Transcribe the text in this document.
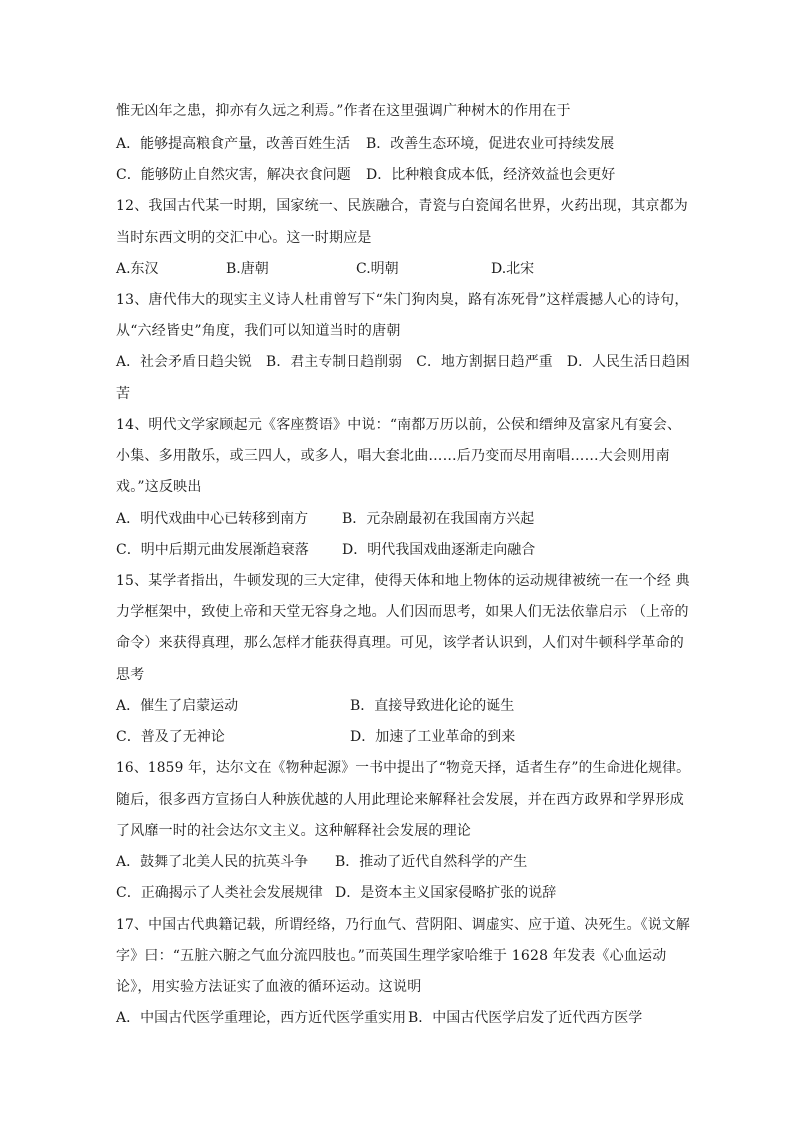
惟无凶年之患，抑亦有久远之利焉。”作者在这里强调广种树木的作用在于
A．能够提高粮食产量，改善百姓生活 B．改善生态环境，促进农业可持续发展
C．能够防止自然灾害，解决衣食问题 D．比种粮食成本低，经济效益也会更好
12、我国古代某一时期，国家统一、民族融合，青瓷与白瓷闻名世界，火药出现，其京都为
当时东西文明的交汇中心。这一时期应是
A.东汉	B.唐朝	C.明朝	D.北宋
13、唐代伟大的现实主义诗人杜甫曾写下“朱门狗肉臭，路有冻死骨”这样震撼人心的诗句，
从“六经皆史”角度，我们可以知道当时的唐朝
A．社会矛盾日趋尖锐　B．君主专制日趋削弱　C．地方割据日趋严重　D．人民生活日趋困
苦
14、明代文学家顾起元《客座赘语》中说：“南都万历以前，公侯和缙绅及富家凡有宴会、
小集、多用散乐，或三四人，或多人，唱大套北曲……后乃变而尽用南唱……大会则用南
戏。”这反映出
A．明代戏曲中心已转移到南方 B．元杂剧最初在我国南方兴起
C．明中后期元曲发展渐趋衰落 D．明代我国戏曲逐渐走向融合
15、某学者指出，牛顿发现的三大定律，使得天体和地上物体的运动规律被统一在一个经 典
力学框架中，致使上帝和天堂无容身之地。人们因而思考，如果人们无法依靠启示 （上帝的
命令）来获得真理，那么怎样才能获得真理。可见，该学者认识到，人们对牛顿科学革命的
思考
A．催生了启蒙运动	B．直接导致进化论的诞生
C．普及了无神论	D．加速了工业革命的到来
16、1859 年，达尔文在《物种起源》一书中提出了“物竞天择，适者生存”的生命进化规律。
随后，很多西方宣扬白人种族优越的人用此理论来解释社会发展，并在西方政界和学界形成
了风靡一时的社会达尔文主义。这种解释社会发展的理论
A．鼓舞了北美人民的抗英斗争 B．推动了近代自然科学的产生
C．正确揭示了人类社会发展规律 D．是资本主义国家侵略扩张的说辞
17、中国古代典籍记载，所谓经络，乃行血气、营阴阳、调虚实、应于道、决死生。《说文解
字》曰：“五脏六腑之气血分流四肢也。”而英国生理学家哈维于 1628 年发表《心血运动
论》，用实验方法证实了血液的循环运动。这说明
A．中国古代医学重理论，西方近代医学重实用 B．中国古代医学启发了近代西方医学
